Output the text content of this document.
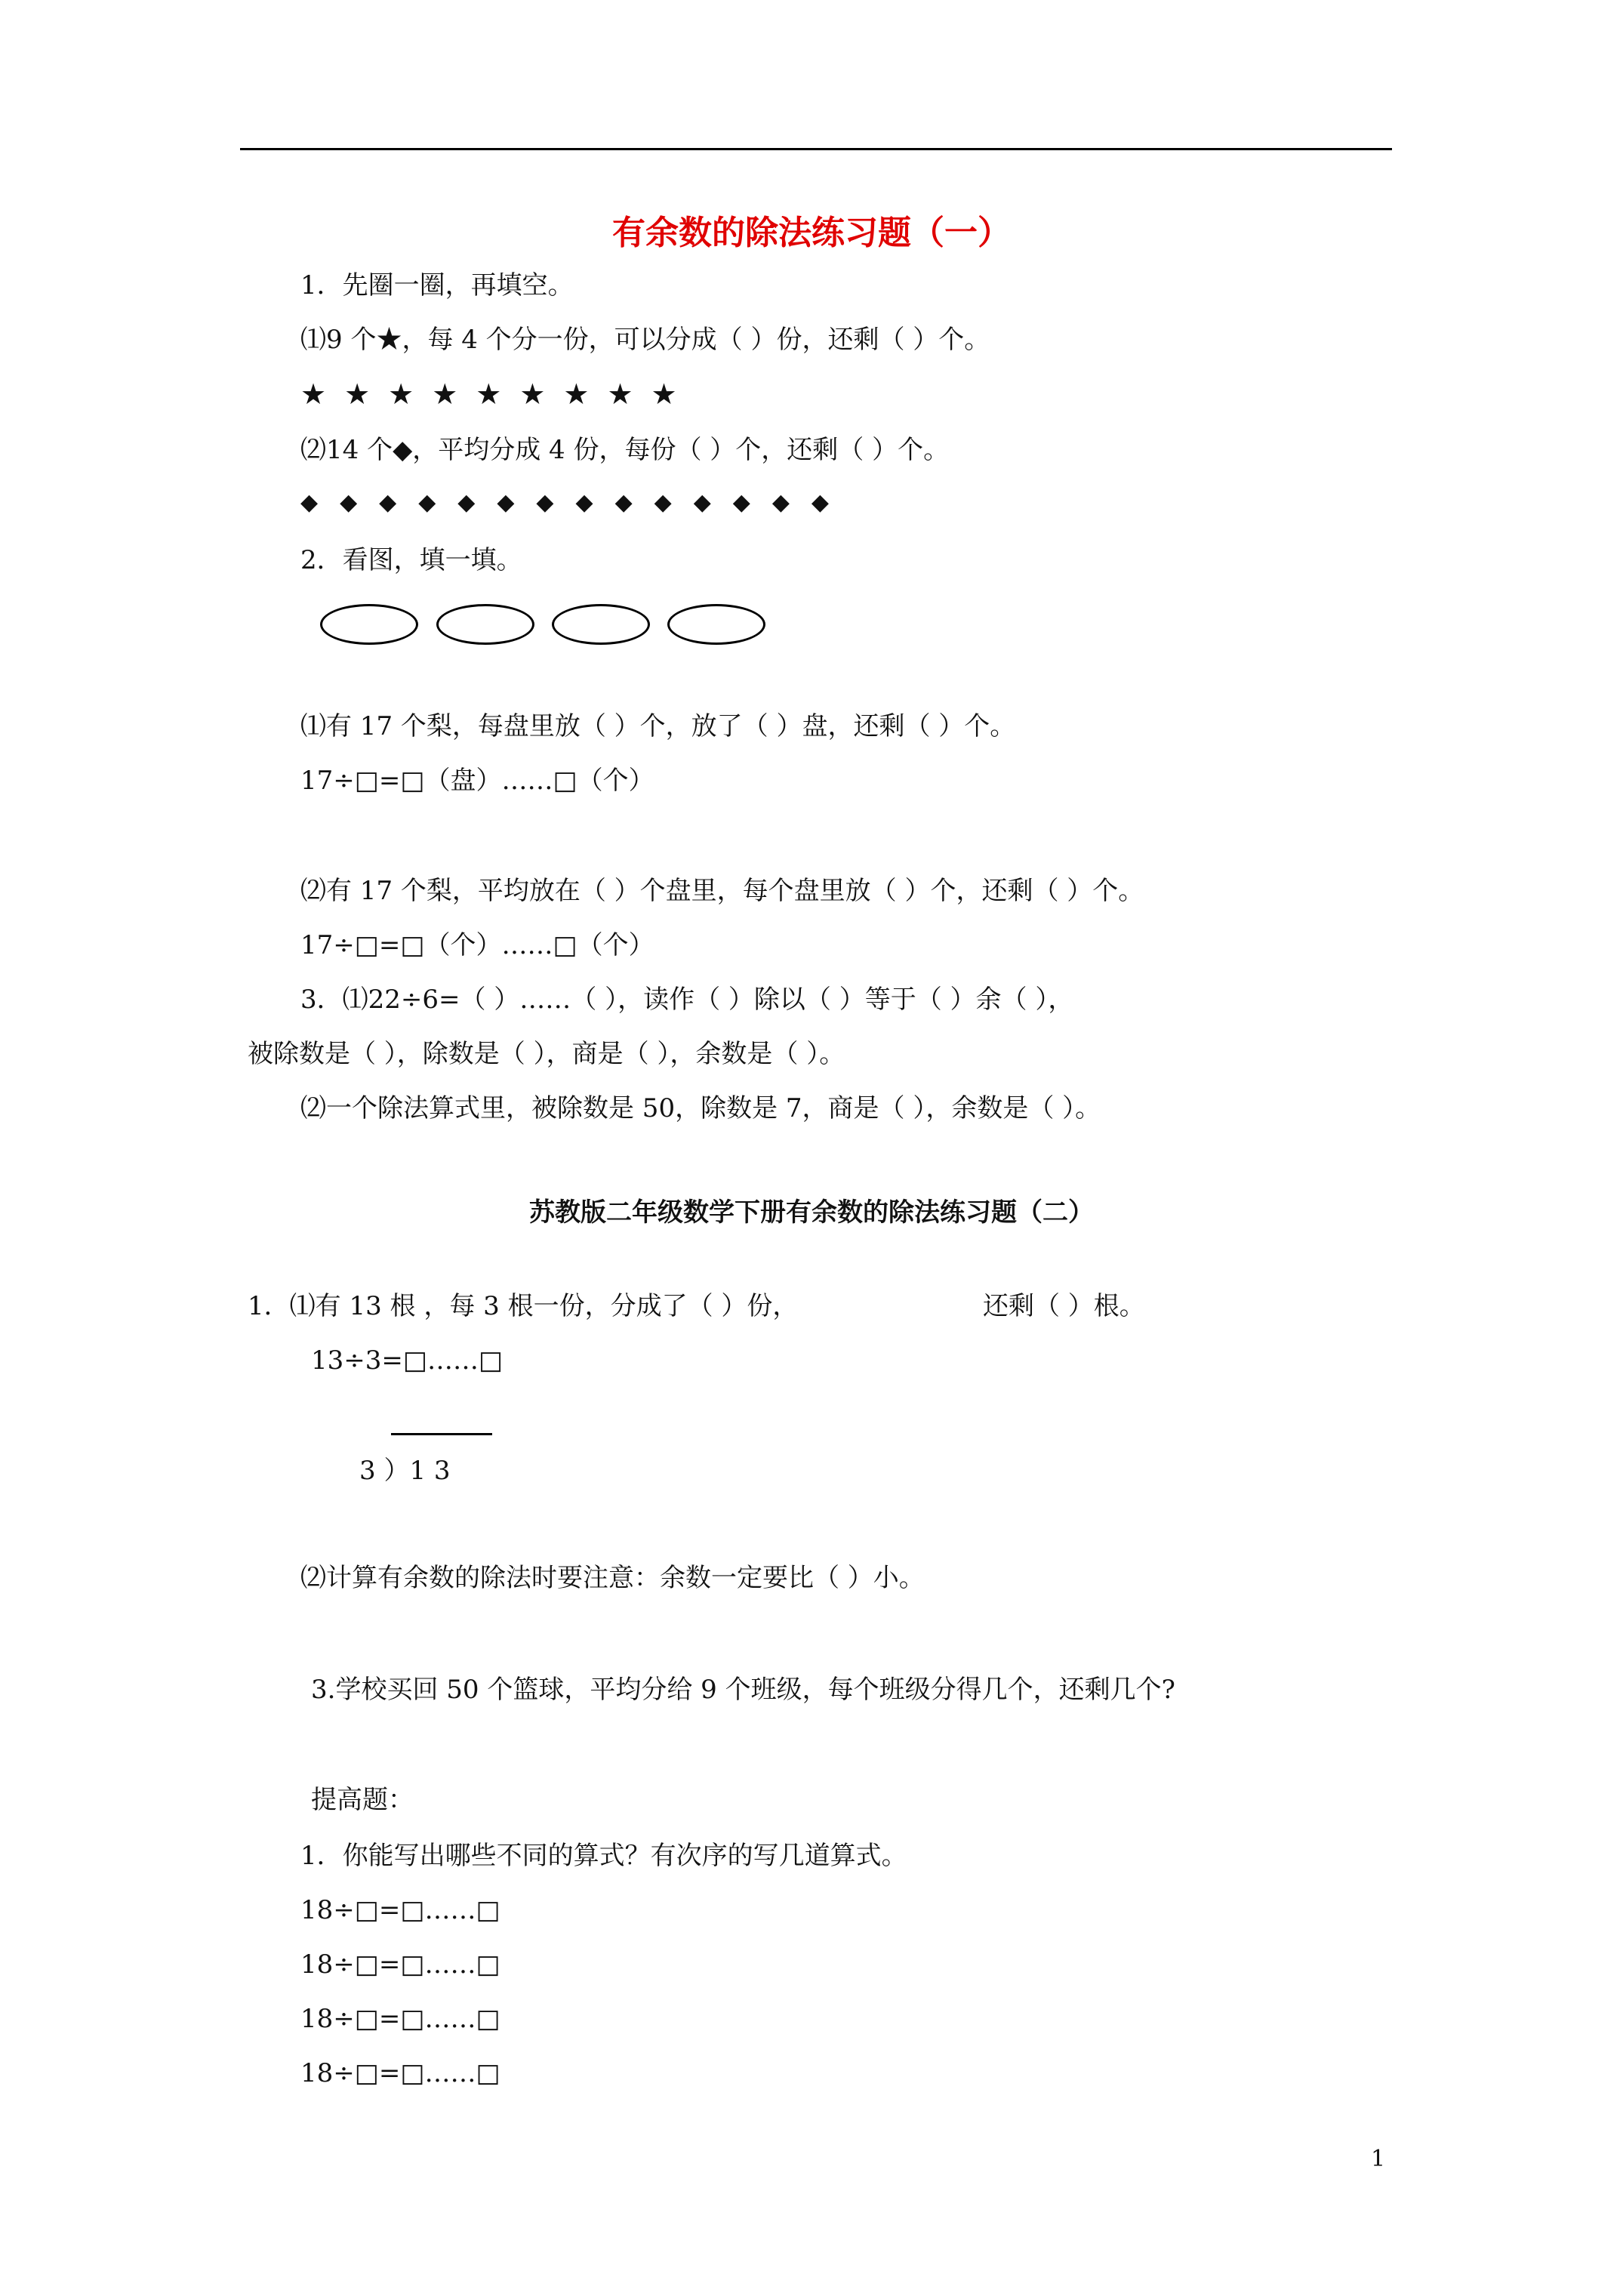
有余数的除法练习题（一）
1．先圈一圈，再填空。
⑴9 个★，每 4 个分一份，可以分成（ ）份，还剩（ ）个。
★★★★★★★★★
⑵14 个◆，平均分成 4 份，每份（ ）个，还剩（ ）个。
◆◆◆◆◆◆◆◆◆◆◆◆◆◆
2．看图，填一填。
⑴有 17 个梨，每盘里放（ ）个，放了（ ）盘，还剩（ ）个。
17÷□=□（盘）……□（个）
⑵有 17 个梨，平均放在（ ）个盘里，每个盘里放（ ）个，还剩（ ）个。
17÷□=□（个）……□（个）
3．⑴22÷6=（ ）……（ ），读作（ ）除以（ ）等于（ ）余（ ），
被除数是（ ），除数是（ ），商是（ ），余数是（ ）。
⑵一个除法算式里，被除数是 50，除数是 7，商是（ ），余数是（ ）。
苏教版二年级数学下册有余数的除法练习题（二）
1．⑴有 13 根 ，每 3 根一份，分成了（ ）份，	还剩（ ）根。
13÷3=□……□
3 ）1 3
⑵计算有余数的除法时要注意：余数一定要比（ ）小。
3.学校买回 50 个篮球，平均分给 9 个班级，每个班级分得几个，还剩几个?
提高题：
1．你能写出哪些不同的算式？有次序的写几道算式。
18÷□=□……□
18÷□=□……□
18÷□=□……□
18÷□=□……□
1
